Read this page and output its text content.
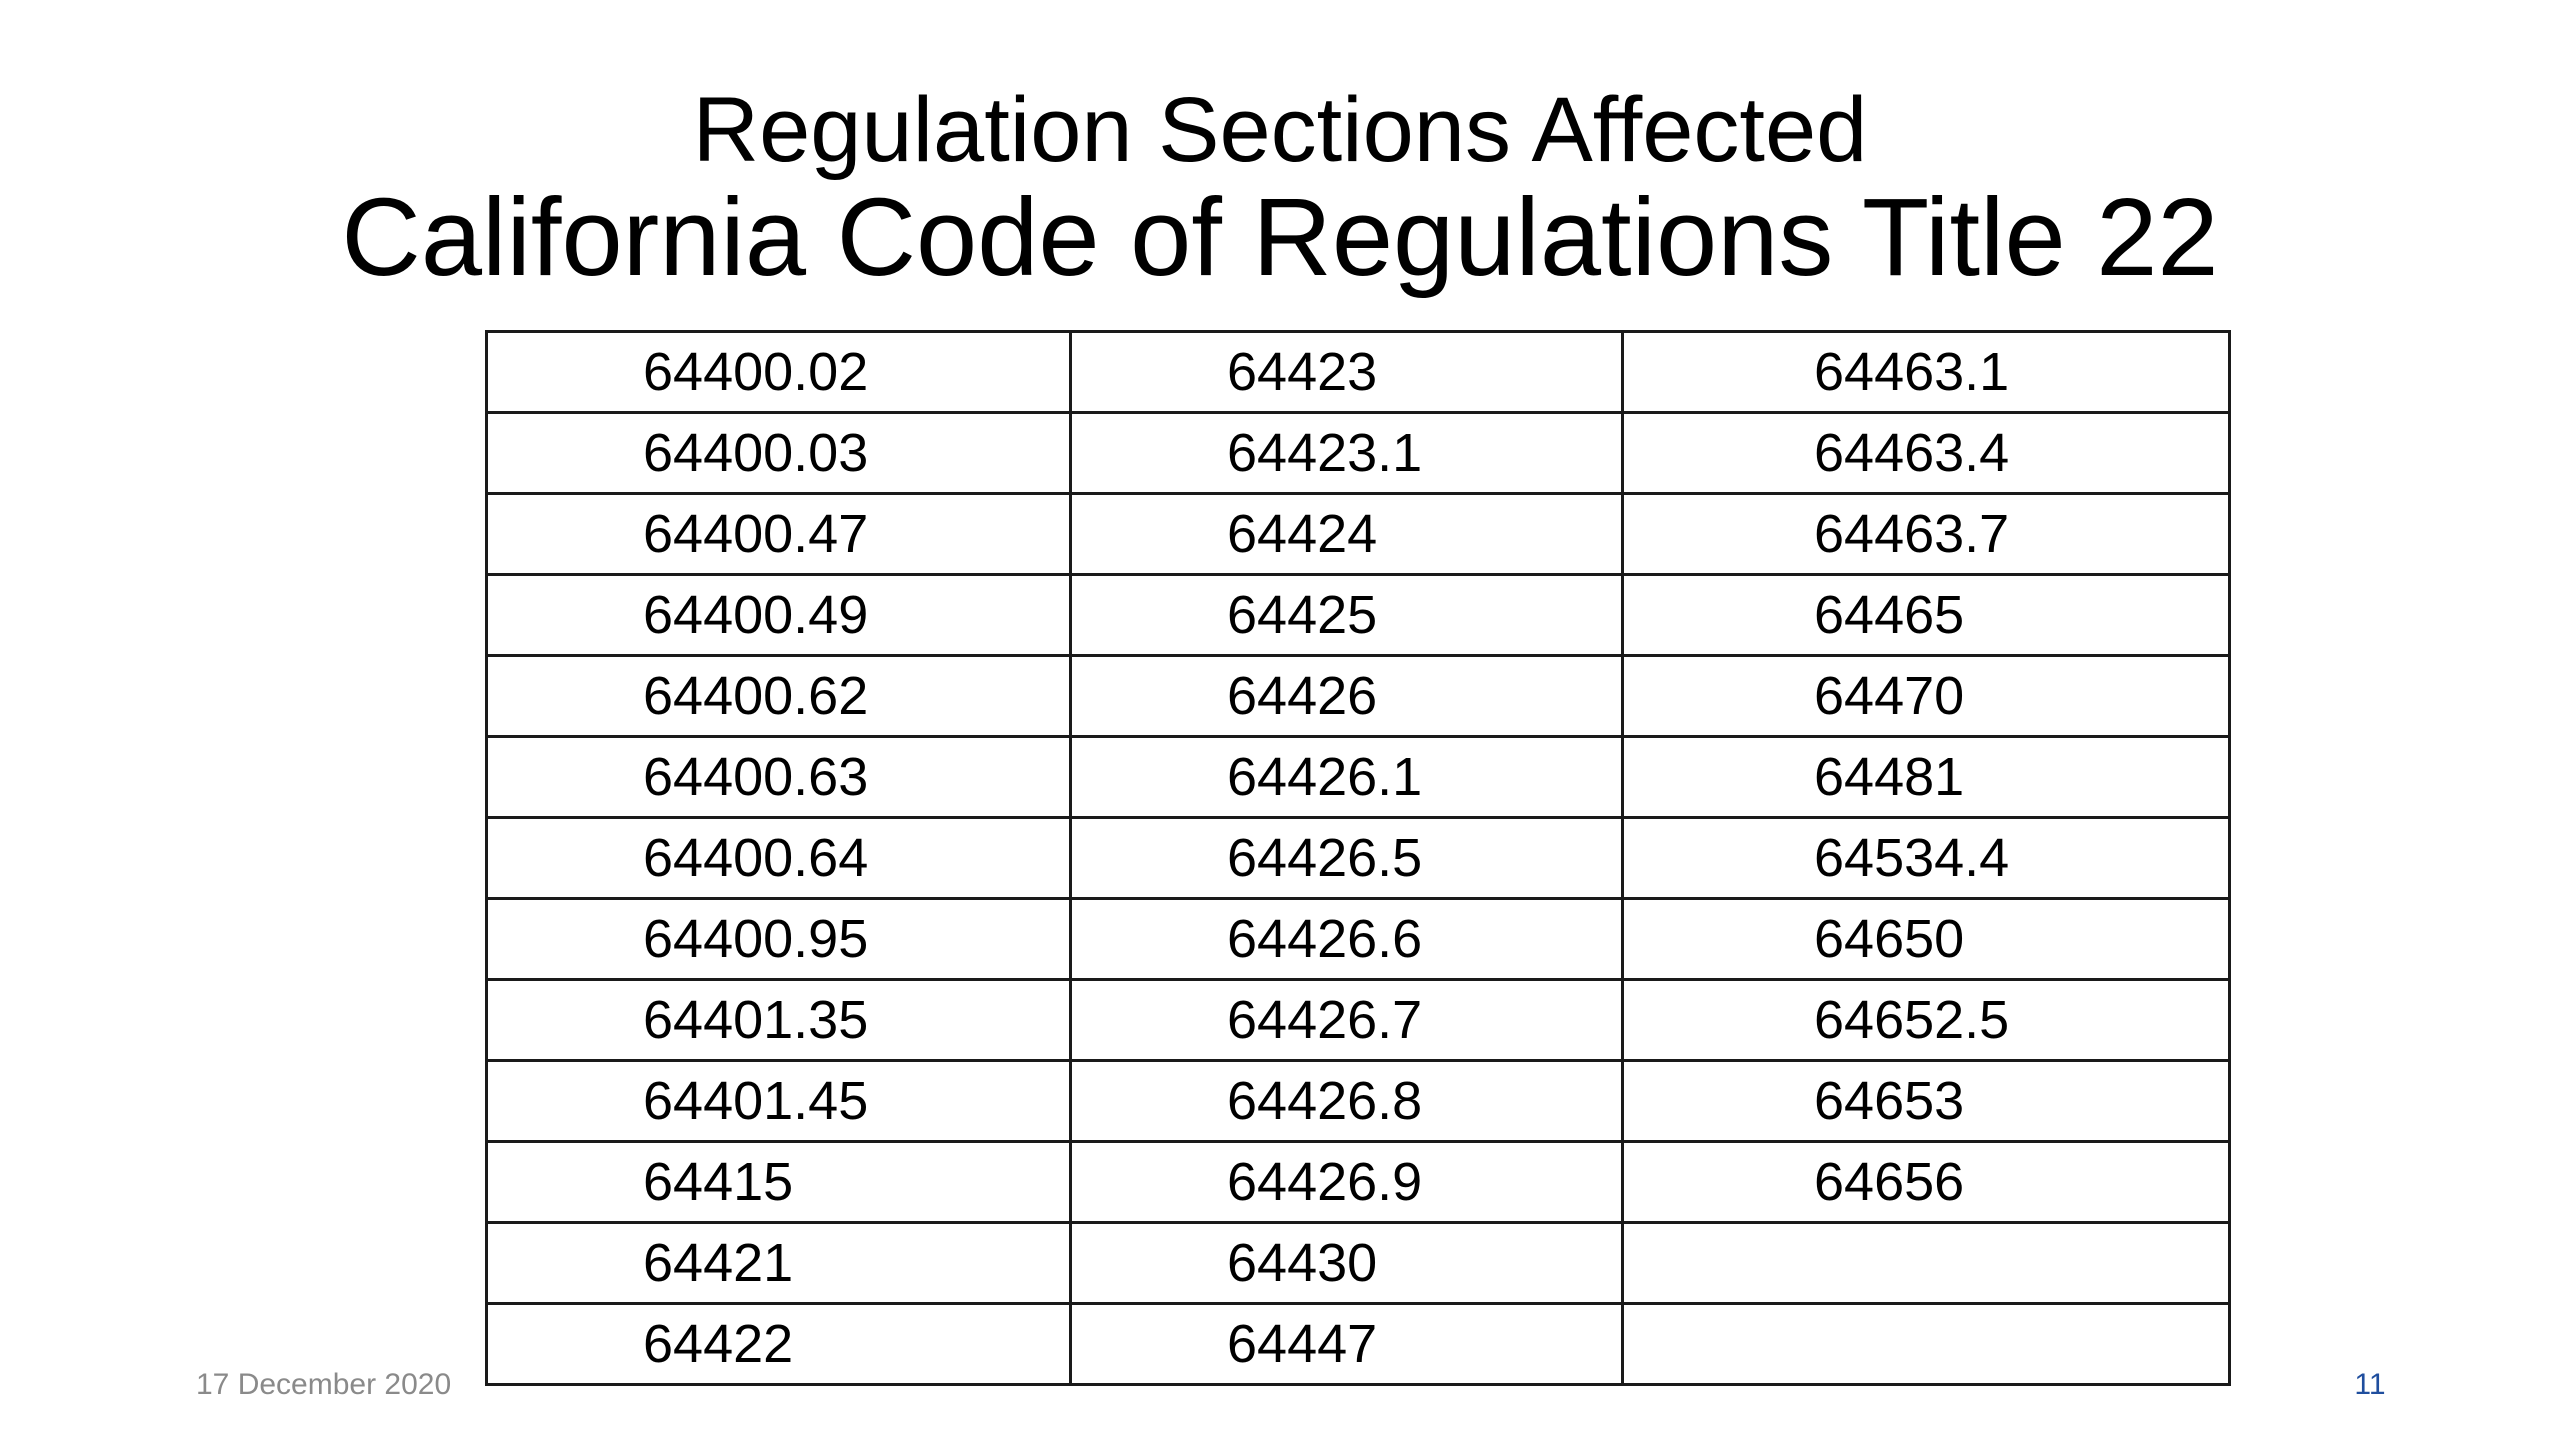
Regulation Sections Affected
California Code of Regulations Title 22
64400.02	64423	64463.1
64400.03	64423.1	64463.4
64400.47	64424	64463.7
64400.49	64425	64465
64400.62	64426	64470
64400.63	64426.1	64481
64400.64	64426.5	64534.4
64400.95	64426.6	64650
64401.35	64426.7	64652.5
64401.45	64426.8	64653
64415	64426.9	64656
64421	64430	
64422	64447	
17 December 2020	11
